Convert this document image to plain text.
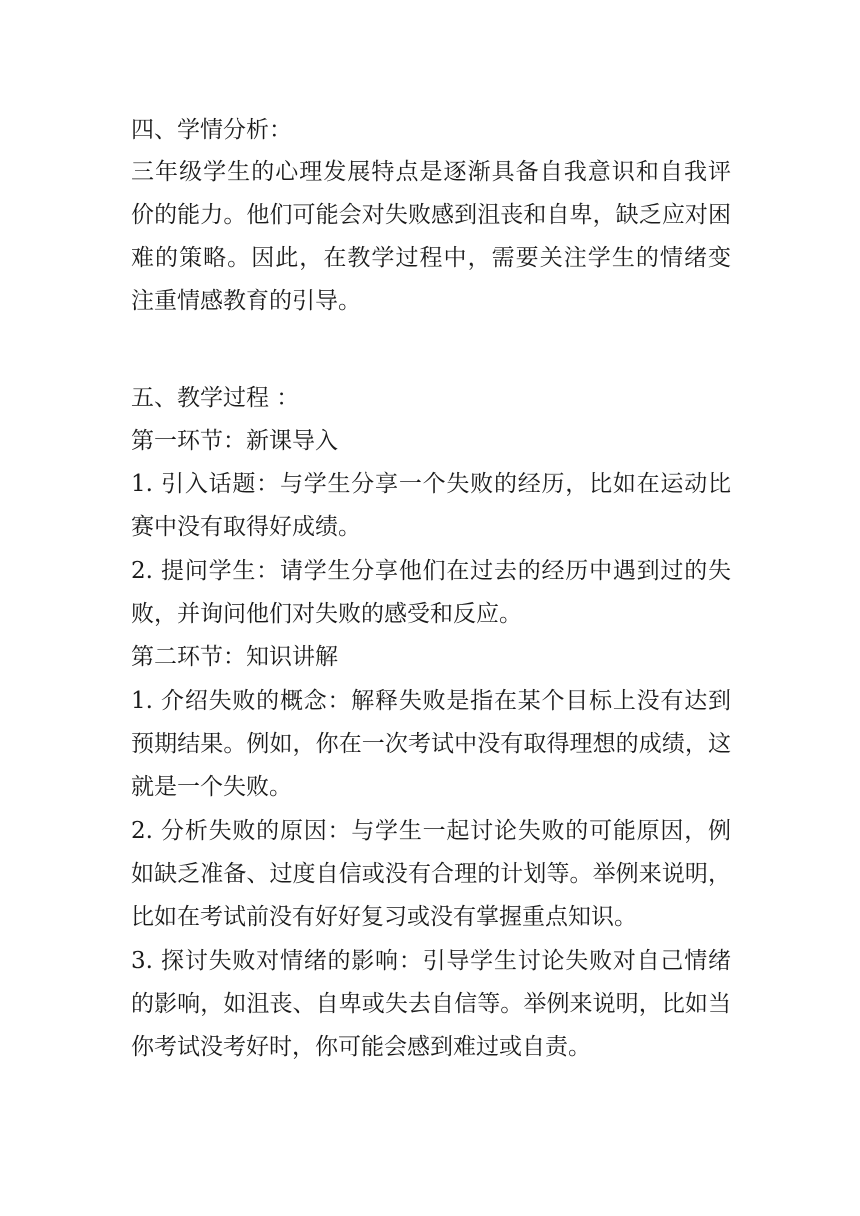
四、学情分析：
三年级学生的心理发展特点是逐渐具备自我意识和自我评
价的能力。他们可能会对失败感到沮丧和自卑，缺乏应对困
难的策略。因此，在教学过程中，需要关注学生的情绪变
注重情感教育的引导。
五、教学过程 ：
第一环节：新课导入
1. 引入话题：与学生分享一个失败的经历，比如在运动比
赛中没有取得好成绩。
2. 提问学生：请学生分享他们在过去的经历中遇到过的失
败，并询问他们对失败的感受和反应。
第二环节：知识讲解
1. 介绍失败的概念：解释失败是指在某个目标上没有达到
预期结果。例如，你在一次考试中没有取得理想的成绩，这
就是一个失败。
2. 分析失败的原因：与学生一起讨论失败的可能原因，例
如缺乏准备、过度自信或没有合理的计划等。举例来说明，
比如在考试前没有好好复习或没有掌握重点知识。
3. 探讨失败对情绪的影响：引导学生讨论失败对自己情绪
的影响，如沮丧、自卑或失去自信等。举例来说明，比如当
你考试没考好时，你可能会感到难过或自责。
